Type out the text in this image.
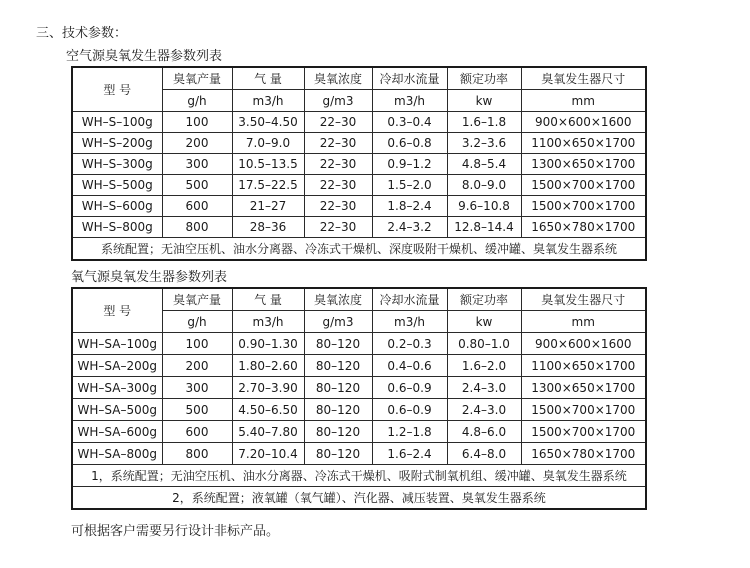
三、技术参数：
空气源臭氧发生器参数列表
型 号	臭氧产量	气 量	臭氧浓度	冷却水流量	额定功率	臭氧发生器尺寸
	g/h	m3/h	g/m3	m3/h	kw	mm
WH–S–100g	100	3.50–4.50	22–30	0.3–0.4	1.6–1.8	900×600×1600
WH–S–200g	200	7.0–9.0	22–30	0.6–0.8	3.2–3.6	1100×650×1700
WH–S–300g	300	10.5–13.5	22–30	0.9–1.2	4.8–5.4	1300×650×1700
WH–S–500g	500	17.5–22.5	22–30	1.5–2.0	8.0–9.0	1500×700×1700
WH–S–600g	600	21–27	22–30	1.8–2.4	9.6–10.8	1500×700×1700
WH–S–800g	800	28–36	22–30	2.4–3.2	12.8–14.4	1650×780×1700
系统配置；无油空压机、油水分离器、冷冻式干燥机、深度吸附干燥机、缓冲罐、臭氧发生器系统						
氧气源臭氧发生器参数列表
型 号	臭氧产量	气 量	臭氧浓度	冷却水流量	额定功率	臭氧发生器尺寸
	g/h	m3/h	g/m3	m3/h	kw	mm
WH–SA–100g	100	0.90–1.30	80–120	0.2–0.3	0.80–1.0	900×600×1600
WH–SA–200g	200	1.80–2.60	80–120	0.4–0.6	1.6–2.0	1100×650×1700
WH–SA–300g	300	2.70–3.90	80–120	0.6–0.9	2.4–3.0	1300×650×1700
WH–SA–500g	500	4.50–6.50	80–120	0.6–0.9	2.4–3.0	1500×700×1700
WH–SA–600g	600	5.40–7.80	80–120	1.2–1.8	4.8–6.0	1500×700×1700
WH–SA–800g	800	7.20–10.4	80–120	1.6–2.4	6.4–8.0	1650×780×1700
1，系统配置；无油空压机、油水分离器、冷冻式干燥机、吸附式制氧机组、缓冲罐、臭氧发生器系统						
2，系统配置；液氧罐（氧气罐）、汽化器、减压装置、臭氧发生器系统						
可根据客户需要另行设计非标产品。
